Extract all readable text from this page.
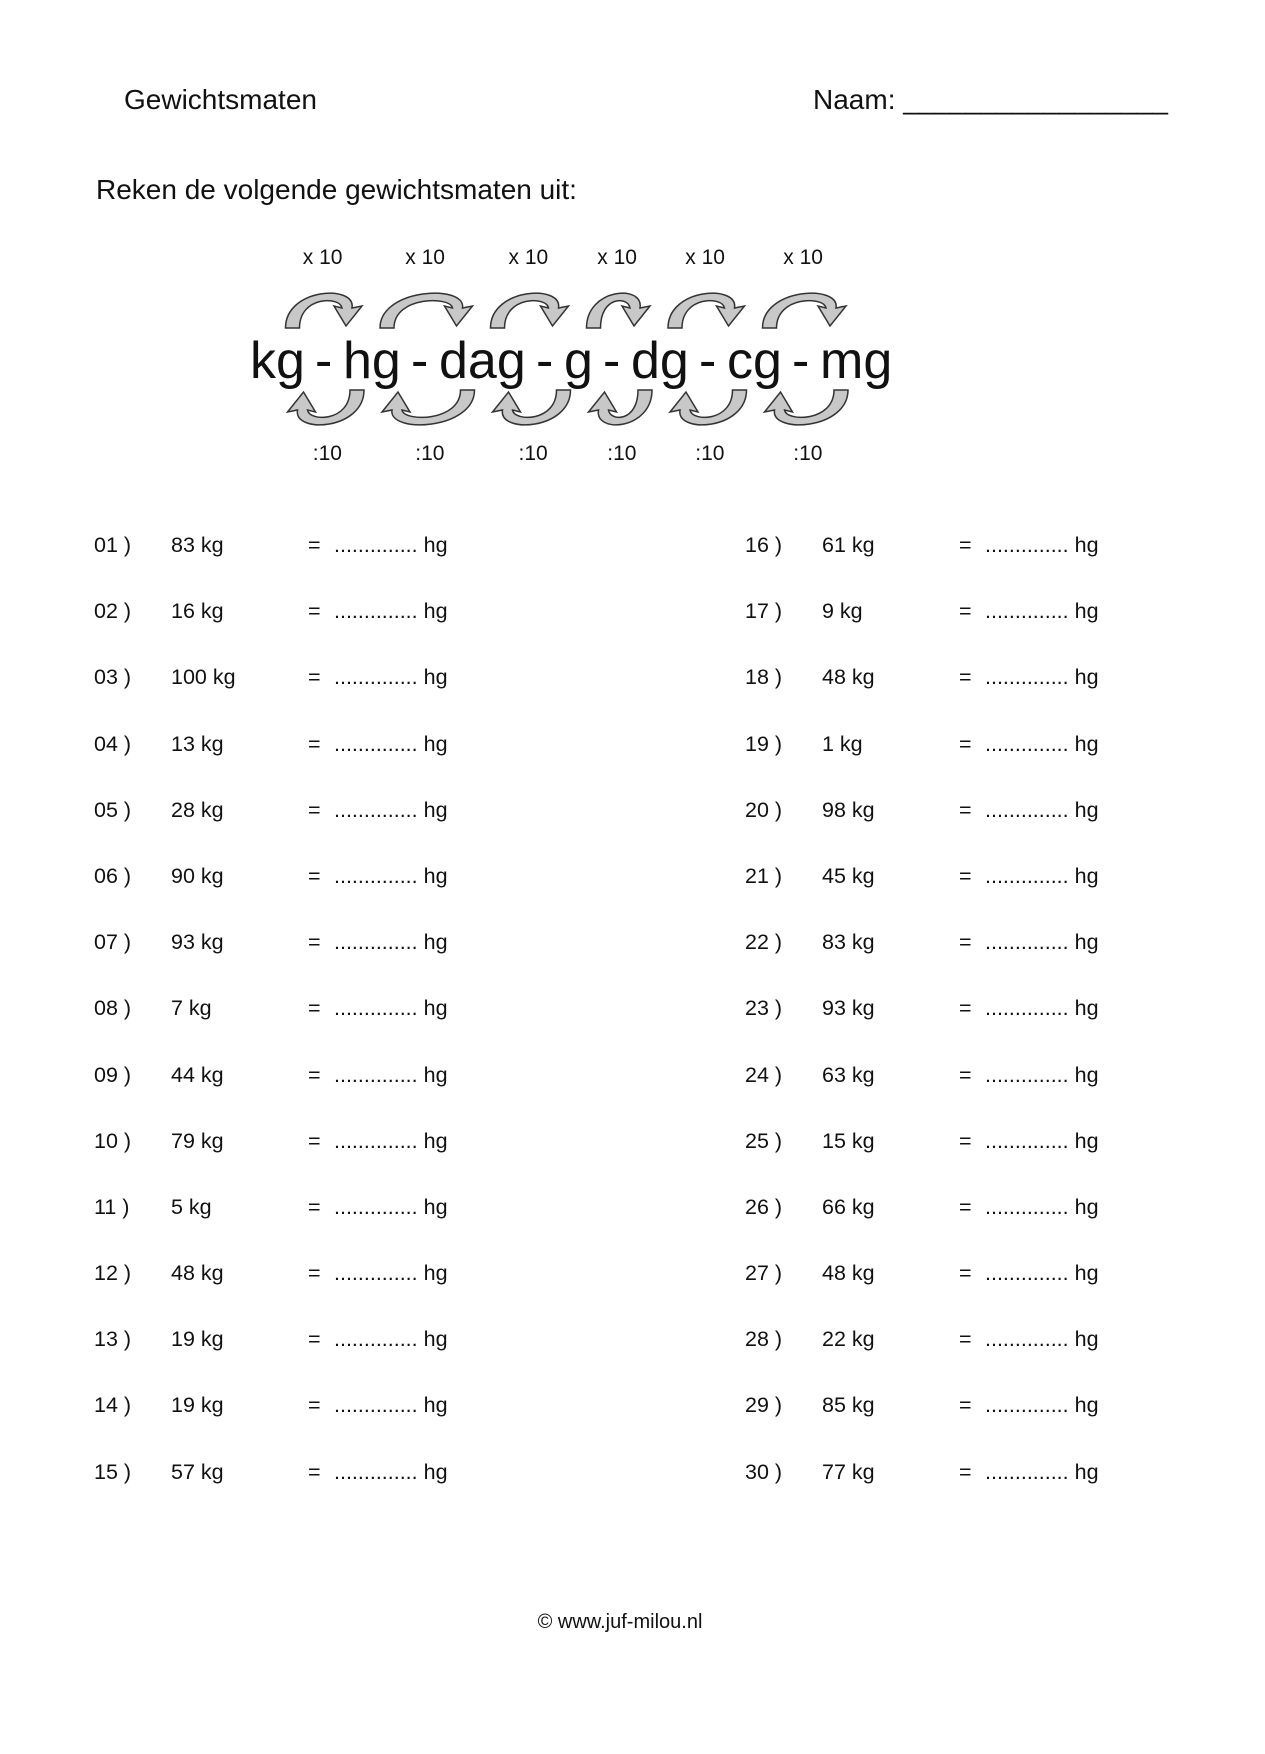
Gewichtsmaten	Naam: _________________
Reken de volgende gewichtsmaten uit:
kg - hg - dag - g - dg - cg - mg
x 10
:10
x 10
:10
x 10
:10
x 10
:10
x 10
:10
x 10
:10
01 ) 83 kg	= .............. hg
02 ) 16 kg	= .............. hg
03 ) 100 kg	= .............. hg
04 ) 13 kg	= .............. hg
05 ) 28 kg	= .............. hg
06 ) 90 kg	= .............. hg
07 ) 93 kg	= .............. hg
08 ) 7 kg	= .............. hg
09 ) 44 kg	= .............. hg
10 ) 79 kg	= .............. hg
11 ) 5 kg	= .............. hg
12 ) 48 kg	= .............. hg
13 ) 19 kg	= .............. hg
14 ) 19 kg	= .............. hg
15 ) 57 kg	= .............. hg
16 ) 61 kg	= .............. hg
17 ) 9 kg	= .............. hg
18 ) 48 kg	= .............. hg
19 ) 1 kg	= .............. hg
20 ) 98 kg	= .............. hg
21 ) 45 kg	= .............. hg
22 ) 83 kg	= .............. hg
23 ) 93 kg	= .............. hg
24 ) 63 kg	= .............. hg
25 ) 15 kg	= .............. hg
26 ) 66 kg	= .............. hg
27 ) 48 kg	= .............. hg
28 ) 22 kg	= .............. hg
29 ) 85 kg	= .............. hg
30 ) 77 kg	= .............. hg
© www.juf-milou.nl
